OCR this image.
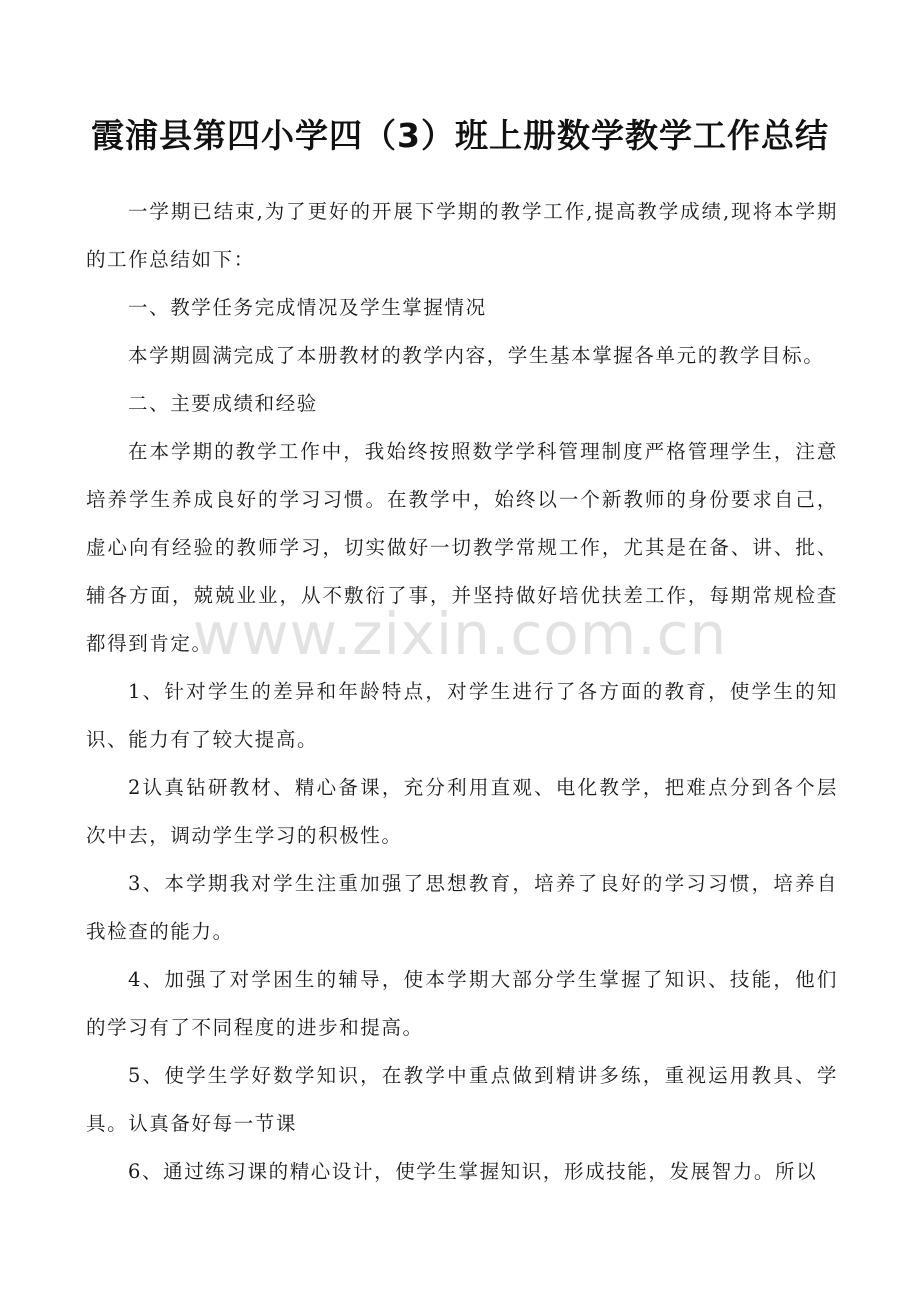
霞浦县第四小学四（3）班上册数学教学工作总结

一学期已结束,为了更好的开展下学期的教学工作,提高教学成绩,现将本学期的工作总结如下：

一、教学任务完成情况及学生掌握情况

本学期圆满完成了本册教材的教学内容，学生基本掌握各单元的教学目标。

二、主要成绩和经验

在本学期的教学工作中，我始终按照数学学科管理制度严格管理学生，注意培养学生养成良好的学习习惯。在教学中，始终以一个新教师的身份要求自己，虚心向有经验的教师学习，切实做好一切教学常规工作，尤其是在备、讲、批、辅各方面，兢兢业业，从不敷衍了事，并坚持做好培优扶差工作，每期常规检查都得到肯定。

1、针对学生的差异和年龄特点，对学生进行了各方面的教育，使学生的知识、能力有了较大提高。

2认真钻研教材、精心备课，充分利用直观、电化教学，把难点分到各个层次中去，调动学生学习的积极性。

3、本学期我对学生注重加强了思想教育，培养了良好的学习习惯，培养自我检查的能力。

4、加强了对学困生的辅导，使本学期大部分学生掌握了知识、技能，他们的学习有了不同程度的进步和提高。

5、使学生学好数学知识，在教学中重点做到精讲多练，重视运用教具、学具。认真备好每一节课

6、通过练习课的精心设计，使学生掌握知识，形成技能，发展智力。所以

www.zixin.com.cn
